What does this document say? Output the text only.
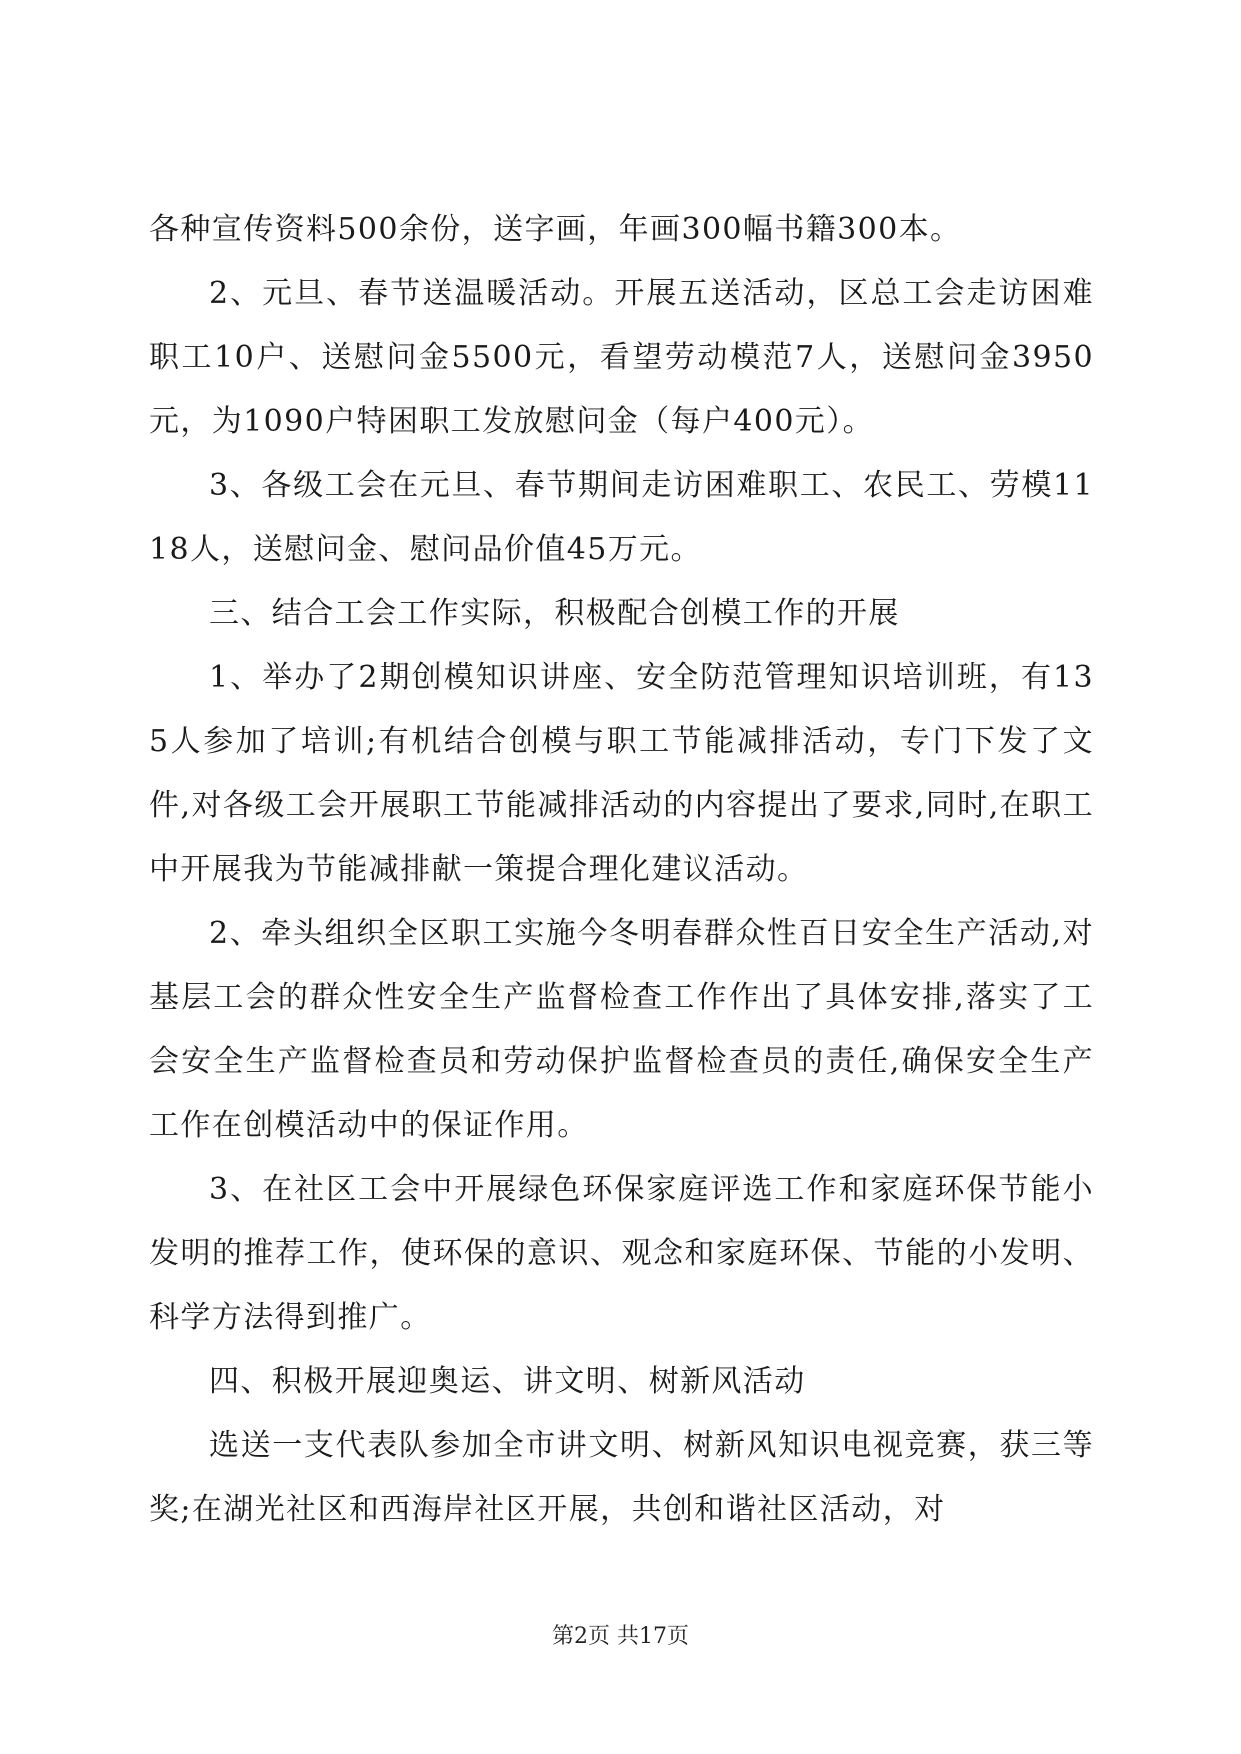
各种宣传资料500余份，送字画，年画300幅书籍300本。

2、元旦、春节送温暖活动。开展五送活动，区总工会走访困难职工10户、送慰问金5500元，看望劳动模范7人，送慰问金3950元，为1090户特困职工发放慰问金（每户400元）。

3、各级工会在元旦、春节期间走访困难职工、农民工、劳模1118人，送慰问金、慰问品价值45万元。

三、结合工会工作实际，积极配合创模工作的开展

1、举办了2期创模知识讲座、安全防范管理知识培训班，有135人参加了培训;有机结合创模与职工节能减排活动，专门下发了文件,对各级工会开展职工节能减排活动的内容提出了要求,同时,在职工中开展我为节能减排献一策提合理化建议活动。

2、牵头组织全区职工实施今冬明春群众性百日安全生产活动,对基层工会的群众性安全生产监督检查工作作出了具体安排,落实了工会安全生产监督检查员和劳动保护监督检查员的责任,确保安全生产工作在创模活动中的保证作用。

3、在社区工会中开展绿色环保家庭评选工作和家庭环保节能小发明的推荐工作，使环保的意识、观念和家庭环保、节能的小发明、科学方法得到推广。

四、积极开展迎奥运、讲文明、树新风活动

选送一支代表队参加全市讲文明、树新风知识电视竞赛，获三等奖;在湖光社区和西海岸社区开展，共创和谐社区活动，对

第2页 共17页
